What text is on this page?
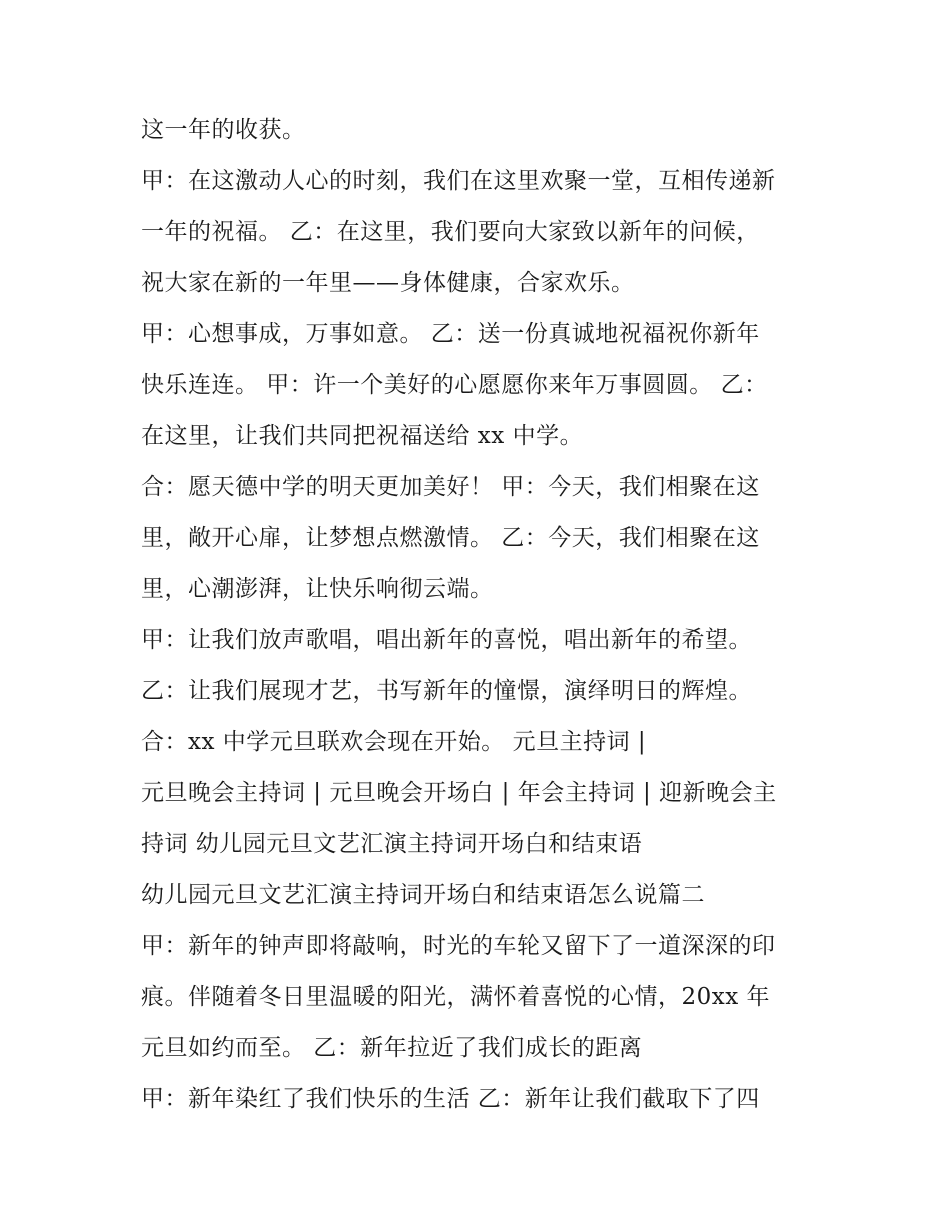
这一年的收获。
甲：在这激动人心的时刻，我们在这里欢聚一堂，互相传递新
一年的祝福。 乙：在这里，我们要向大家致以新年的问候，
祝大家在新的一年里——身体健康，合家欢乐。
甲：心想事成，万事如意。 乙：送一份真诚地祝福祝你新年
快乐连连。 甲：许一个美好的心愿愿你来年万事圆圆。 乙：
在这里，让我们共同把祝福送给 xx 中学。
合：愿天德中学的明天更加美好！ 甲：今天，我们相聚在这
里，敞开心扉，让梦想点燃激情。 乙：今天，我们相聚在这
里，心潮澎湃，让快乐响彻云端。
甲：让我们放声歌唱，唱出新年的喜悦，唱出新年的希望。
乙：让我们展现才艺，书写新年的憧憬，演绎明日的辉煌。
合：xx 中学元旦联欢会现在开始。 元旦主持词 |
元旦晚会主持词 | 元旦晚会开场白 | 年会主持词 | 迎新晚会主
持词 幼儿园元旦文艺汇演主持词开场白和结束语
幼儿园元旦文艺汇演主持词开场白和结束语怎么说篇二
甲：新年的钟声即将敲响，时光的车轮又留下了一道深深的印
痕。伴随着冬日里温暖的阳光，满怀着喜悦的心情，20xx 年
元旦如约而至。 乙：新年拉近了我们成长的距离
甲：新年染红了我们快乐的生活 乙：新年让我们截取下了四
